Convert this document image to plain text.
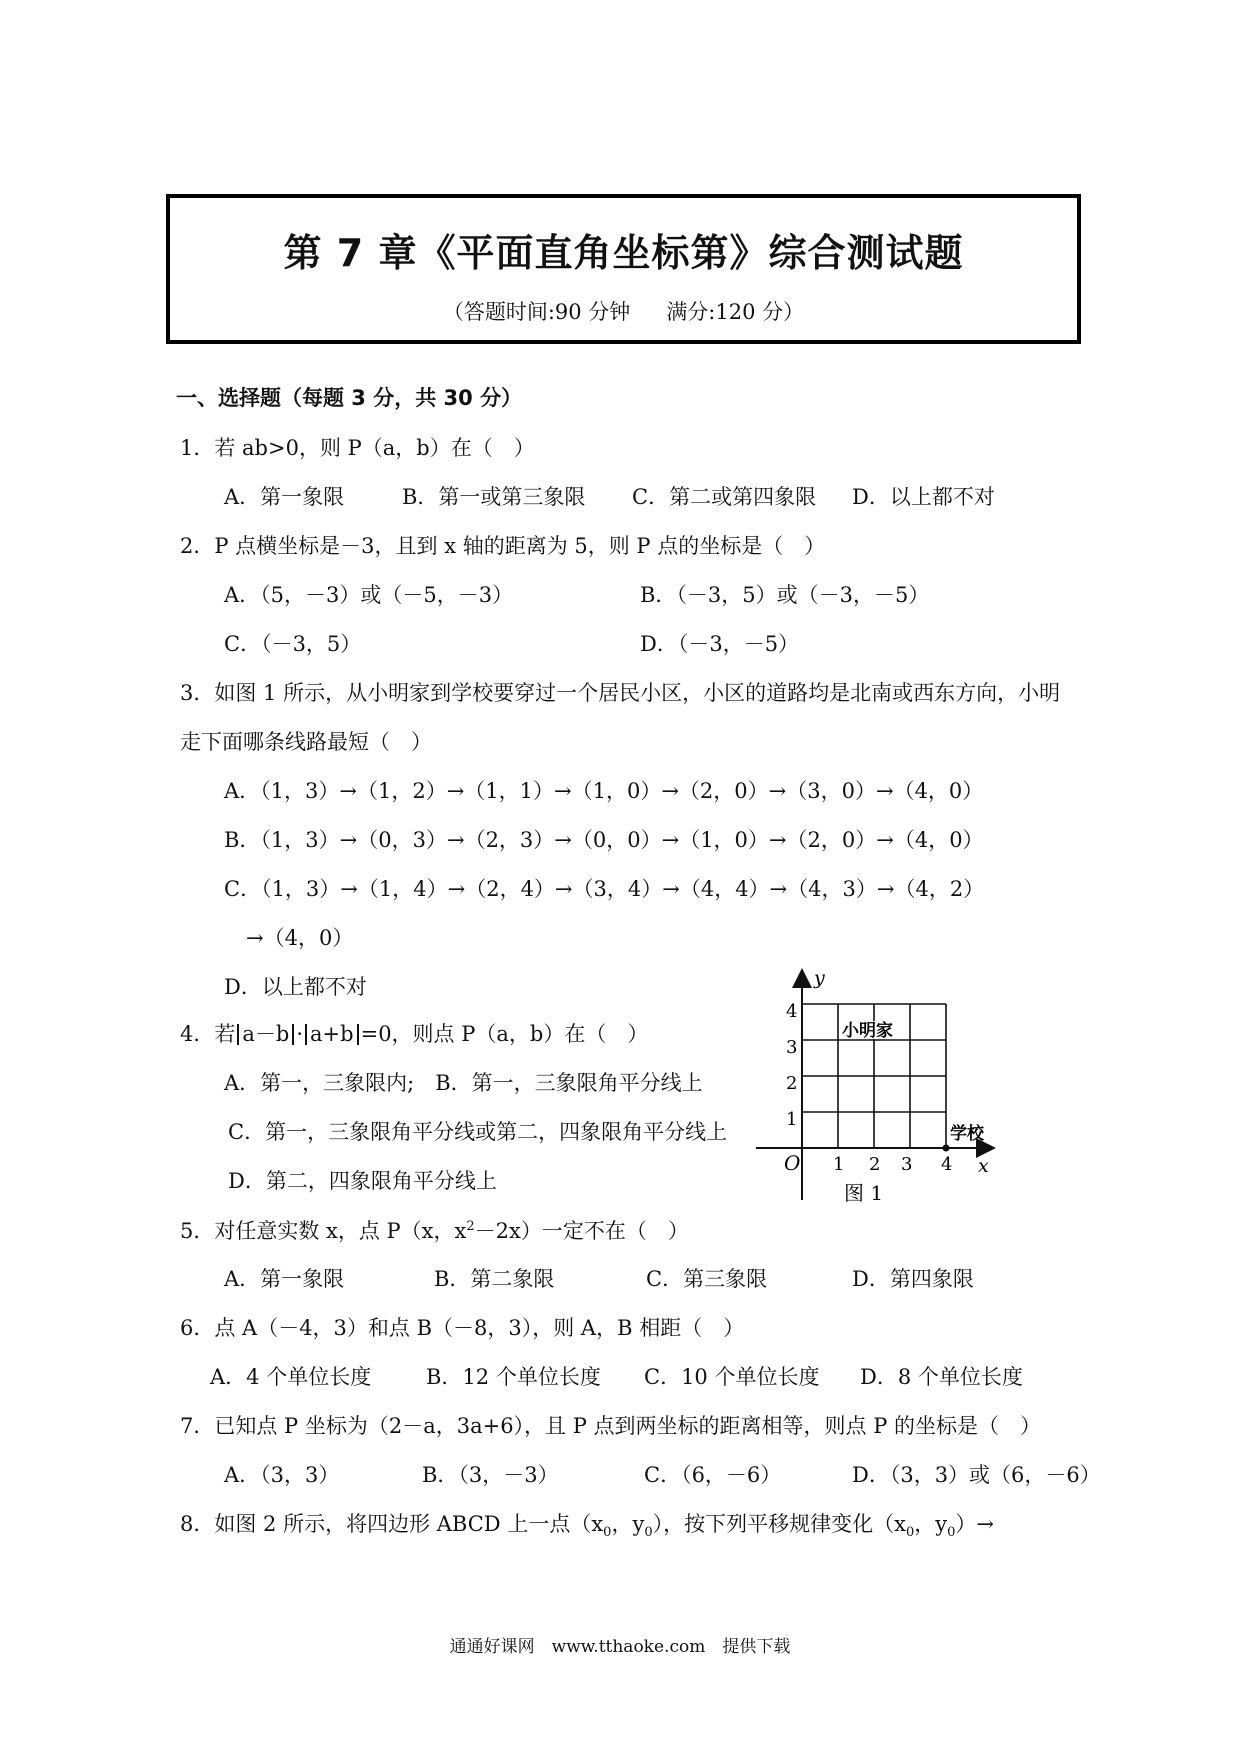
第 7 章《平面直角坐标第》综合测试题
（答题时间:90 分钟 满分:120 分）
一、选择题（每题 3 分，共 30 分）
1．若 ab>0，则 P（a，b）在（　）
A．第一象限	B．第一或第三象限 C．第二或第四象限 D．以上都不对
2．P 点横坐标是－3，且到 x 轴的距离为 5，则 P 点的坐标是（　）
A．（5，－3）或（－5，－3）	B．（－3，5）或（－3，－5）
C．（－3，5）	D．（－3，－5）
3．如图 1 所示，从小明家到学校要穿过一个居民小区，小区的道路均是北南或西东方向，小明
走下面哪条线路最短（　）
A．（1，3）→（1，2）→（1，1）→（1，0）→（2，0）→（3，0）→（4，0）
B．（1，3）→（0，3）→（2，3）→（0，0）→（1，0）→（2，0）→（4，0）
C．（1，3）→（1，4）→（2，4）→（3，4）→（4，4）→（4，3）→（4，2）
→（4，0）
D．以上都不对
4．若 a－b · a+b =0，则点 P（a，b）在（　）
A．第一，三象限内;　B．第一，三象限角平分线上
C．第一，三象限角平分线或第二，四象限角平分线上
D．第二，四象限角平分线上
y
x
O 1 2 3 4
1
2
3
4
小明家
学校
图 1
5．对任意实数 x，点 P（x，$x^2-2x$）一定不在（　）
A．第一象限	B．第二象限	C．第三象限	D．第四象限
6．点 A（－4，3）和点 B（－8，3），则 A，B 相距（　）
A．4 个单位长度	B．12 个单位长度 C．10 个单位长度 D．8 个单位长度
7．已知点 P 坐标为（2－a，3a+6），且 P 点到两坐标的距离相等，则点 P 的坐标是（　）
A．（3，3）	B．（3，－3）	C．（6，－6）	D．（3，3）或（6，－6）
8．如图 2 所示，将四边形 ABCD 上一点（$x_0$，$y_0$），按下列平移规律变化（$x_0$，$y_0)\to$
通通好课网　www.tthaoke.com　提供下载
